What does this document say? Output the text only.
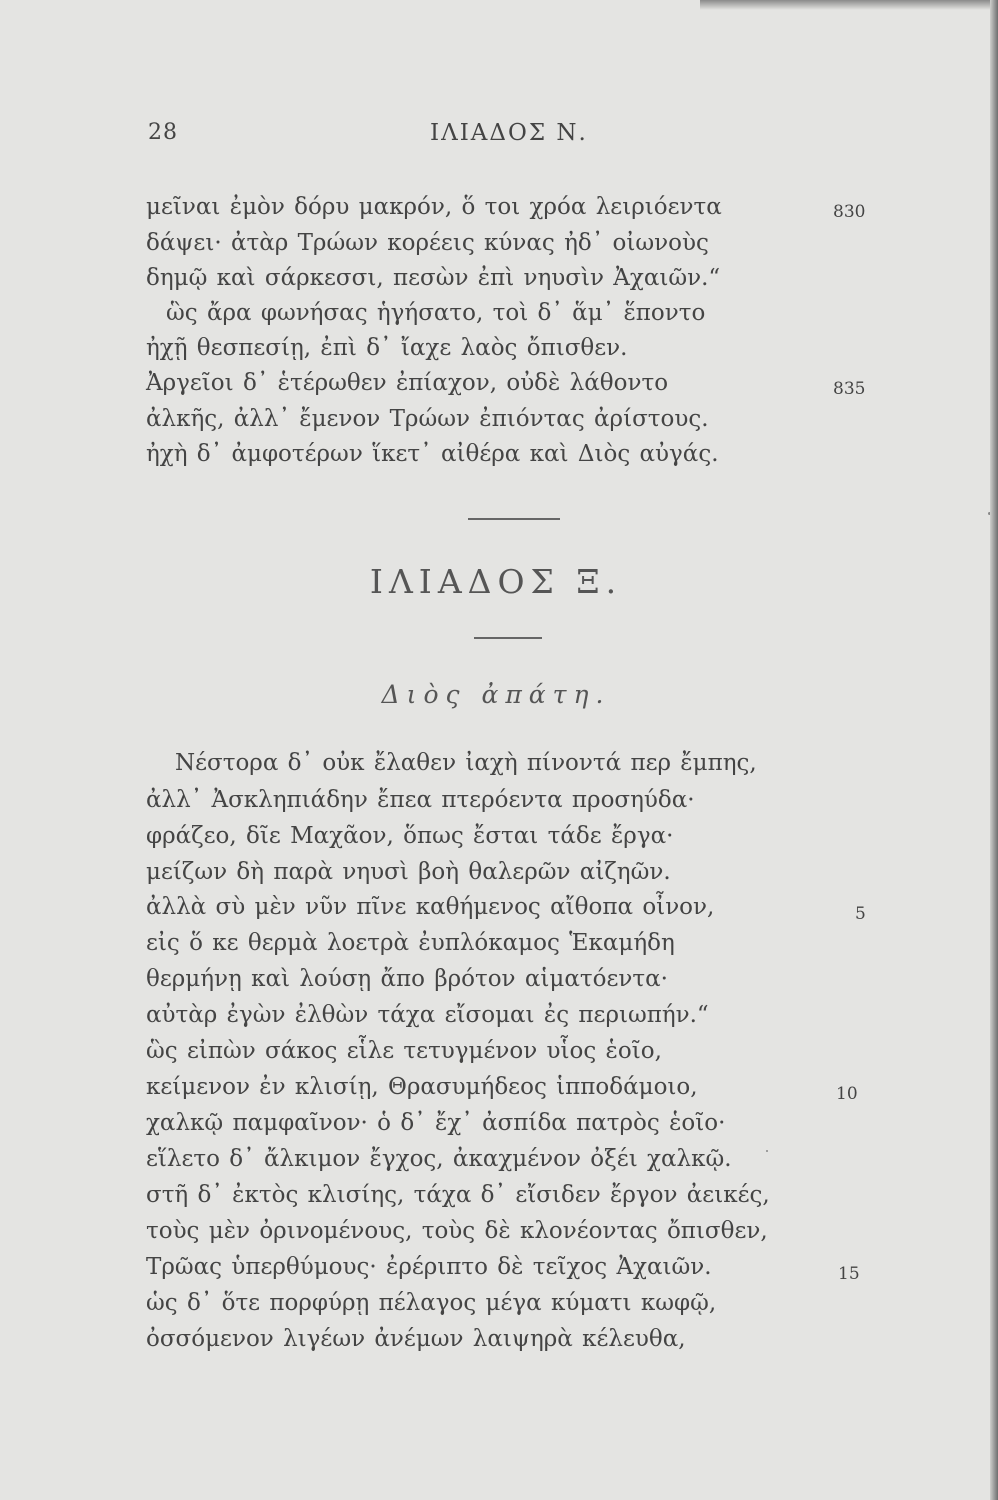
28	ΙΛΙΑΔΟΣ Ν.
μεῖναι ἐμὸν δόρυ μακρόν, ὅ τοι χρόα λειριόεντα
δάψει· ἀτὰρ Τρώων κορέεις κύνας ἠδ᾽ οἰωνοὺς
δημῷ καὶ σάρκεσσι, πεσὼν ἐπὶ νηυσὶν Ἀχαιῶν.“
ὣς ἄρα φωνήσας ἡγήσατο, τοὶ δ᾽ ἅμ᾽ ἕποντο
ἠχῇ θεσπεσίῃ, ἐπὶ δ᾽ ἴαχε λαὸς ὄπισθεν.
Ἀργεῖοι δ᾽ ἑτέρωθεν ἐπίαχον, οὐδὲ λάθοντο
ἀλκῆς, ἀλλ᾽ ἔμενον Τρώων ἐπιόντας ἀρίστους.
ἠχὴ δ᾽ ἀμφοτέρων ἵκετ᾽ αἰθέρα καὶ Διὸς αὐγάς.
830
835
ΙΛΙΑΔΟΣ Ξ.
Διὸς ἀπάτη.
Νέστορα δ᾽ οὐκ ἔλαθεν ἰαχὴ πίνοντά περ ἔμπης,
ἀλλ᾽ Ἀσκληπιάδην ἔπεα πτερόεντα προσηύδα·
φράζεο, δῖε Μαχᾶον, ὅπως ἔσται τάδε ἔργα·
μείζων δὴ παρὰ νηυσὶ βοὴ θαλερῶν αἰζηῶν.
ἀλλὰ σὺ μὲν νῦν πῖνε καθήμενος αἴθοπα οἶνον,
εἰς ὅ κε θερμὰ λοετρὰ ἐυπλόκαμος Ἑκαμήδη
θερμήνῃ καὶ λούσῃ ἄπο βρότον αἱματόεντα·
αὐτὰρ ἐγὼν ἐλθὼν τάχα εἴσομαι ἐς περιωπήν.“
ὣς εἰπὼν σάκος εἷλε τετυγμένον υἷος ἑοῖο,
κείμενον ἐν κλισίῃ, Θρασυμήδεος ἱπποδάμοιο,
χαλκῷ παμφαῖνον· ὁ δ᾽ ἔχ᾽ ἀσπίδα πατρὸς ἑοῖο·
εἵλετο δ᾽ ἄλκιμον ἔγχος, ἀκαχμένον ὀξέι χαλκῷ.
στῆ δ᾽ ἐκτὸς κλισίης, τάχα δ᾽ εἴσιδεν ἔργον ἀεικές,
τοὺς μὲν ὀρινομένους, τοὺς δὲ κλονέοντας ὄπισθεν,
Τρῶας ὑπερθύμους· ἐρέριπτο δὲ τεῖχος Ἀχαιῶν.
ὡς δ᾽ ὅτε πορφύρῃ πέλαγος μέγα κύματι κωφῷ,
ὀσσόμενον λιγέων ἀνέμων λαιψηρὰ κέλευθα,
5
10
15
